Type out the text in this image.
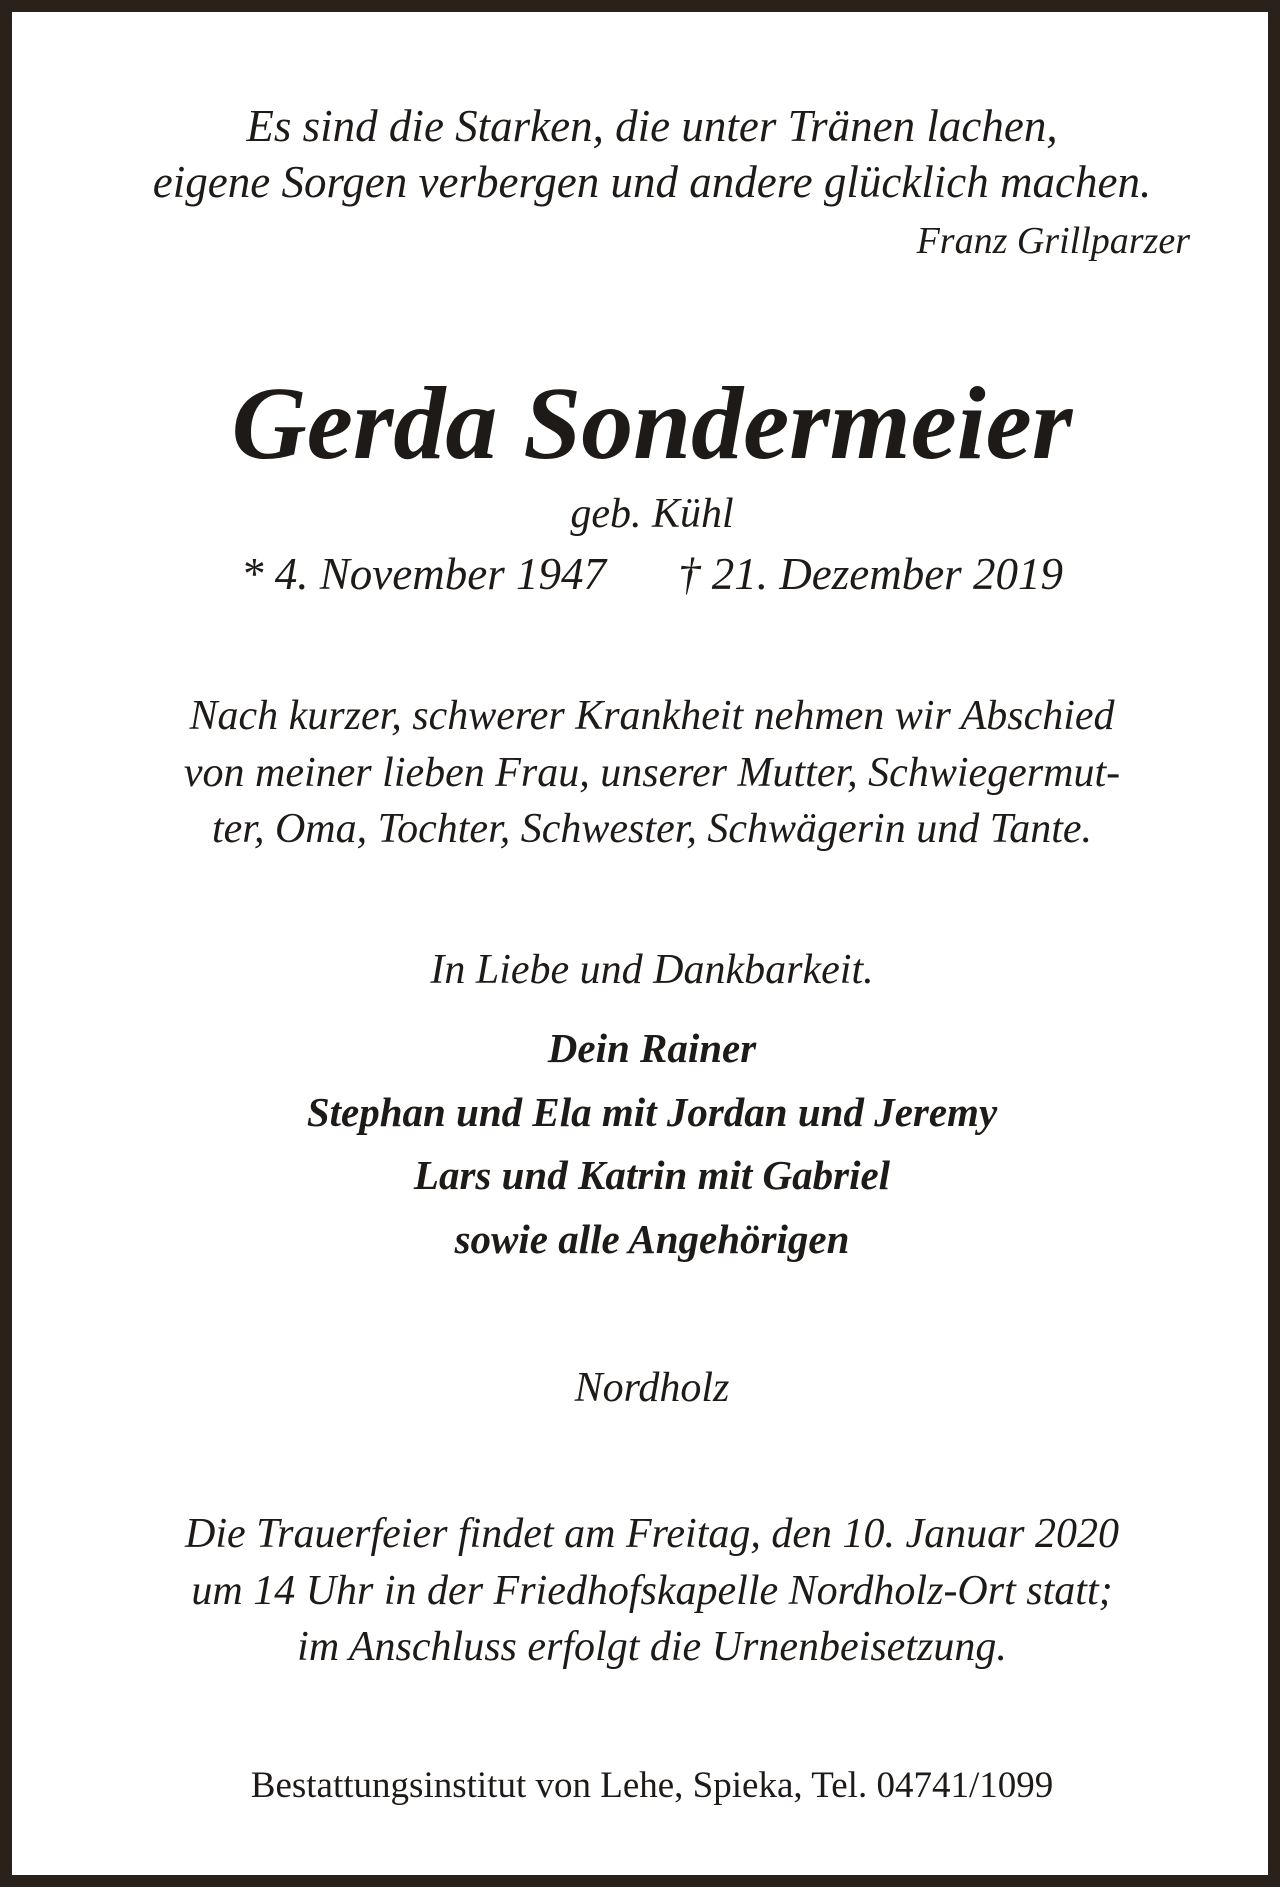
Es sind die Starken, die unter Tränen lachen,
eigene Sorgen verbergen und andere glücklich machen.
Franz Grillparzer
Gerda Sondermeier
geb. Kühl
* 4. November 1947 † 21. Dezember 2019
Nach kurzer, schwerer Krankheit nehmen wir Abschied
von meiner lieben Frau, unserer Mutter, Schwiegermut-
ter, Oma, Tochter, Schwester, Schwägerin und Tante.
In Liebe und Dankbarkeit.
Dein Rainer
Stephan und Ela mit Jordan und Jeremy
Lars und Katrin mit Gabriel
sowie alle Angehörigen
Nordholz
Die Trauerfeier findet am Freitag, den 10. Januar 2020
um 14 Uhr in der Friedhofskapelle Nordholz-Ort statt;
im Anschluss erfolgt die Urnenbeisetzung.
Bestattungsinstitut von Lehe, Spieka, Tel. 04741/1099
